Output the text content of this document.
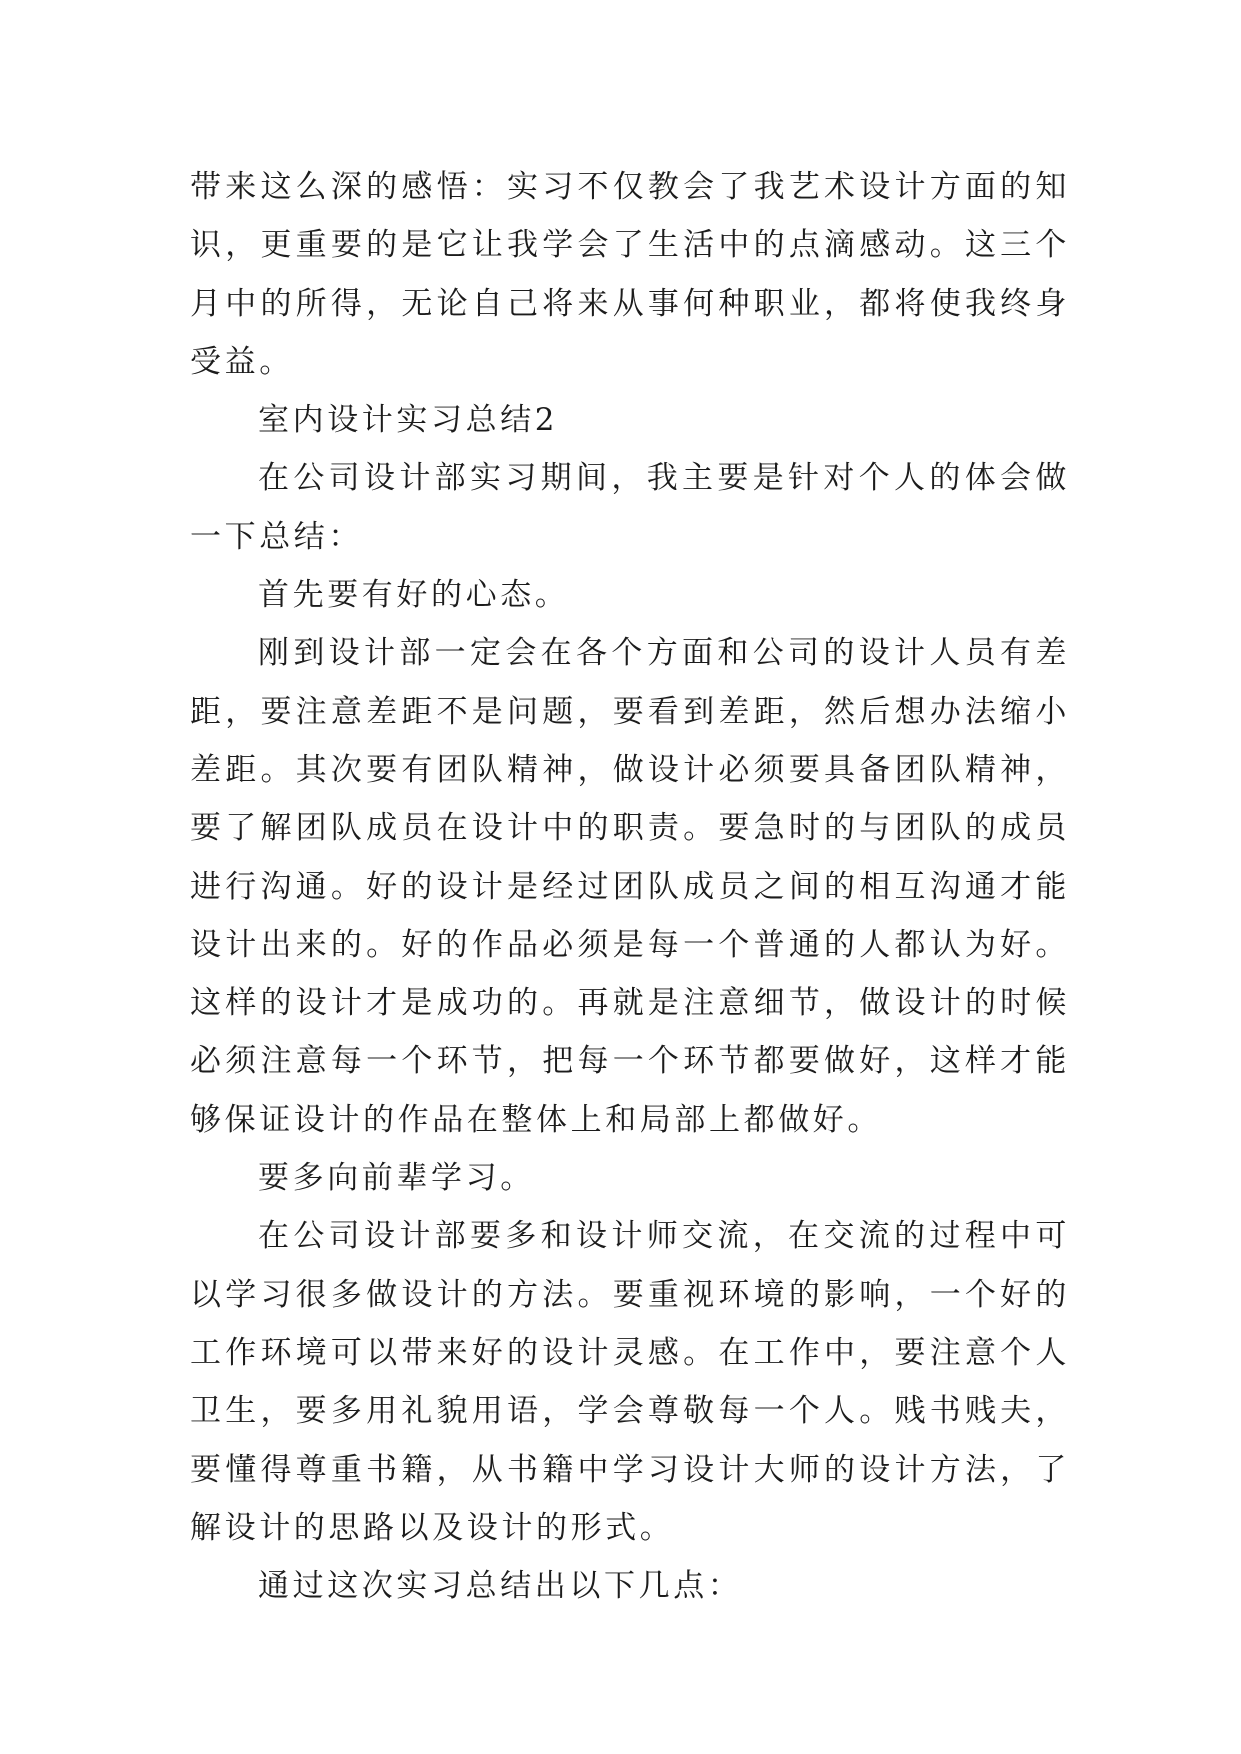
带来这么深的感悟：实习不仅教会了我艺术设计方面的知识，更重要的是它让我学会了生活中的点滴感动。这三个月中的所得，无论自己将来从事何种职业，都将使我终身受益。

室内设计实习总结2

在公司设计部实习期间，我主要是针对个人的体会做一下总结：

首先要有好的心态。

刚到设计部一定会在各个方面和公司的设计人员有差距，要注意差距不是问题，要看到差距，然后想办法缩小差距。其次要有团队精神，做设计必须要具备团队精神，要了解团队成员在设计中的职责。要急时的与团队的成员进行沟通。好的设计是经过团队成员之间的相互沟通才能设计出来的。好的作品必须是每一个普通的人都认为好。这样的设计才是成功的。再就是注意细节，做设计的时候必须注意每一个环节，把每一个环节都要做好，这样才能够保证设计的作品在整体上和局部上都做好。

要多向前辈学习。

在公司设计部要多和设计师交流，在交流的过程中可以学习很多做设计的方法。要重视环境的影响，一个好的工作环境可以带来好的设计灵感。在工作中，要注意个人卫生，要多用礼貌用语，学会尊敬每一个人。贱书贱夫，要懂得尊重书籍，从书籍中学习设计大师的设计方法，了解设计的思路以及设计的形式。

通过这次实习总结出以下几点：
